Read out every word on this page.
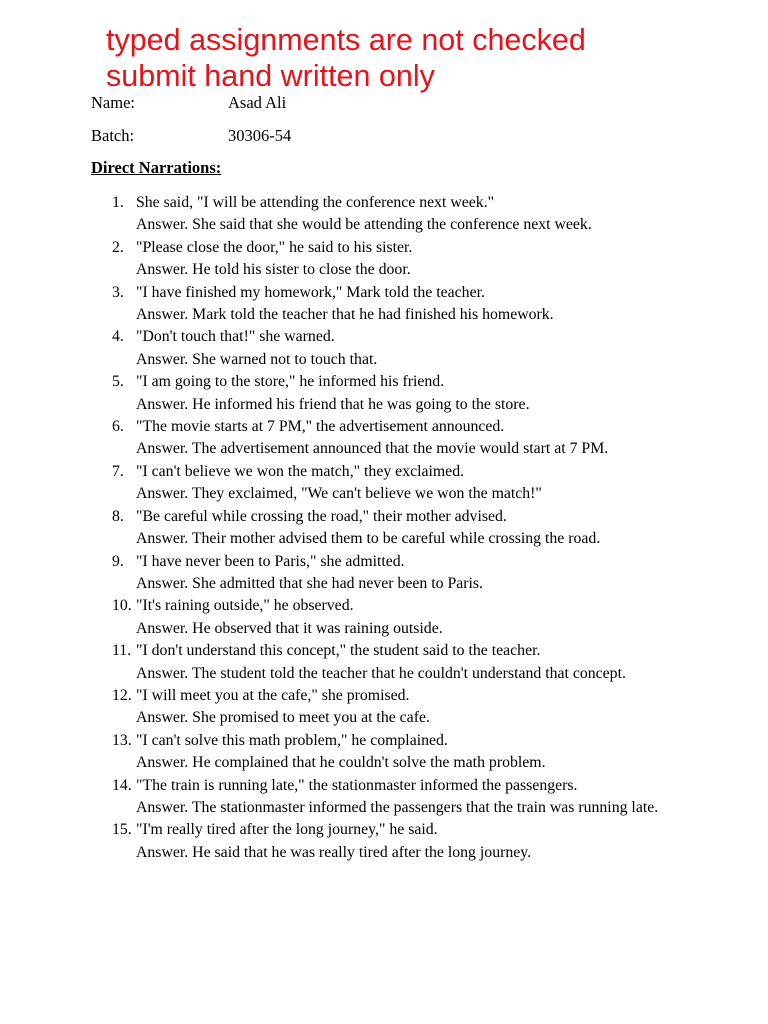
typed assignments are not checked
submit hand written only
Name:	Asad Ali
Batch:	30306-54
Direct Narrations:
1. She said, "I will be attending the conference next week."
Answer. She said that she would be attending the conference next week.
2. "Please close the door," he said to his sister.
Answer. He told his sister to close the door.
3. "I have finished my homework," Mark told the teacher.
Answer. Mark told the teacher that he had finished his homework.
4. "Don't touch that!" she warned.
Answer. She warned not to touch that.
5. "I am going to the store," he informed his friend.
Answer. He informed his friend that he was going to the store.
6. "The movie starts at 7 PM," the advertisement announced.
Answer. The advertisement announced that the movie would start at 7 PM.
7. "I can't believe we won the match," they exclaimed.
Answer. They exclaimed, "We can't believe we won the match!"
8. "Be careful while crossing the road," their mother advised.
Answer. Their mother advised them to be careful while crossing the road.
9. "I have never been to Paris," she admitted.
Answer. She admitted that she had never been to Paris.
10. "It's raining outside," he observed.
Answer. He observed that it was raining outside.
11. "I don't understand this concept," the student said to the teacher.
Answer. The student told the teacher that he couldn't understand that concept.
12. "I will meet you at the cafe," she promised.
Answer. She promised to meet you at the cafe.
13. "I can't solve this math problem," he complained.
Answer. He complained that he couldn't solve the math problem.
14. "The train is running late," the stationmaster informed the passengers.
Answer. The stationmaster informed the passengers that the train was running late.
15. "I'm really tired after the long journey," he said.
Answer. He said that he was really tired after the long journey.
